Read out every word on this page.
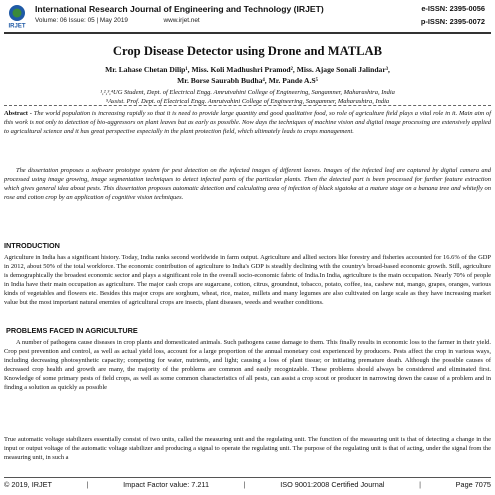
IRJET
International Research Journal of Engineering and Technology (IRJET)
Volume: 06 Issue: 05 | May 2019                    www.irjet.net
e-ISSN: 2395-0056
p-ISSN: 2395-0072
Crop Disease Detector using Drone and MATLAB
Mr. Lahase Chetan Dilip¹, Miss. Koli Madhushri Pramod², Miss. Ajage Sonali Jalindar³,
Mr. Borse Saurabh Budha⁴, Mr. Pande A.S⁵
¹,²,³,⁴UG Student, Dept. of Electrical Engg. Amrutvahini College of Engineering, Sangamner, Maharashtra, India
⁵Assist. Prof. Dept. of Electrical Engg. Amrutvahini College of Engineering, Sangamner, Maharashtra, India
Abstract - The world population is increasing rapidly so that it is need to provide large quantity and good qualitative food, so role of agriculture field plays a vital role in it. Main aim of this work is not only to detection of bio-aggressors on plant leaves but as early as possible. Now days the techniques of machine vision and digital image processing are extensively applied to agricultural science and it has great perspective especially in the plant protection field, which ultimately leads to crops management.
The dissertation proposes a software prototype system for pest detection on the infected images of different leaves. Images of the infected leaf are captured by digital camera and processed using image growing, image segmentation techniques to detect infected parts of the particular plants. Then the detected part is been processed for further feature extraction which gives general idea about pests. This dissertation proposes automatic detection and calculating area of infection of black sigatoka at a mature stage on a banana tree and whitefly on rose and cotton crop by an application of cognitive vision techniques.
INTRODUCTION
Agriculture in India has a significant history. Today, India ranks second worldwide in farm output. Agriculture and allied sectors like forestry and fisheries accounted for 16.6% of the GDP in 2012, about 50% of the total workforce. The economic contribution of agriculture to India's GDP is steadily declining with the country's broad-based economic growth. Still, agriculture is demographically the broadest economic sector and plays a significant role in the overall socio-economic fabric of India.In India, agriculture is the main occupation. Nearly 70% of people in India have their main occupation as agriculture. The major cash crops are sugarcane, cotton, citrus, groundnut, tobacco, potato, coffee, tea, cashew nut, mango, grapes, oranges, various kinds of vegetables and flowers etc. Besides this major crops are sorghum, wheat, rice, maize, millets and many legumes are also cultivated on large scale as they have increasing market value but the most important natural enemies of agricultural crops are insects, plant diseases, weeds and weather conditions.
PROBLEMS FACED IN AGRICULTURE
A number of pathogens cause diseases in crop plants and domesticated animals. Such pathogens cause damage to them. This finally results in economic loss to the farmer in their yield. Crop pest prevention and control, as well as actual yield loss, account for a large proportion of the annual monetary cost experienced by producers. Pests affect the crop in various ways, including decreasing photosynthetic capacity; competing for water, nutrients, and light; causing a loss of plant tissue; or initiating premature death. Although the possible causes of decreased crop health and growth are many, the majority of the problems are common and easily recognizable. These problems should always be considered and eliminated first. Knowledge of some primary pests of field crops, as well as some common characteristics of all pests, can assist a crop scout or producer in narrowing down the cause of a problem and in finding a solution as quickly as possible
True automatic voltage stabilizers essentially consist of two units, called the measuring unit and the regulating unit. The function of the measuring unit is that of detecting a change in the input or output voltage of the automatic voltage stabilizer and producing a signal to operate the regulating unit. The purpose of the regulating unit is that of acting, under the signal from the measuring unit, in such a
© 2019, IRJET	|	Impact Factor value: 7.211	|	ISO 9001:2008 Certified Journal	|	Page 7075
